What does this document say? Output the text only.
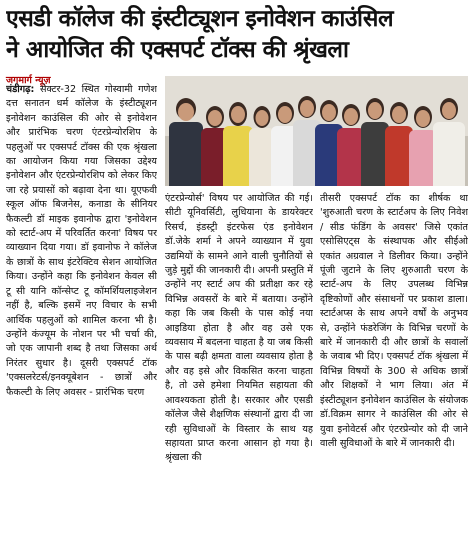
एसडी कॉलेज की इंस्टीट्यूशन इनोवेशन काउंसिल
ने आयोजित की एक्सपर्ट टॉक्स की श्रृंखला
जगमार्ग न्यूज़

चंडीगढ़: सेक्टर-32 स्थित गोस्वामी गणेश दत्त सनातन धर्म कॉलेज के इंस्टीट्यूशन इनोवेशन काउंसिल की ओर से इनोवेशन और प्रारंभिक चरण एंटरप्रेन्योरशिप के पहलुओं पर एक्सपर्ट टॉक्स की एक श्रृंखला का आयोजन किया गया जिसका उद्देश्य इनोवेशन और एंटरप्रेन्योरशिप को लेकर किए जा रहे प्रयासों को बढ़ावा देना था। यूएफवी स्कूल ऑफ बिजनेस, कनाडा के सीनियर फैकल्टी डॉ माइक इवानोफ द्वारा 'इनोवेशन को स्टार्ट-अप में परिवर्तित करना' विषय पर व्याख्यान दिया गया। डॉ इवानोफ ने कॉलेज के छात्रों के साथ इंटरेक्टिव सेशन आयोजित किया। उन्होंने कहा कि इनोवेशन केवल सी टू सी यानि कॉन्सेप्ट टू कॉमर्शियलाइजेशन नहीं है, बल्कि इसमें नए विचार के सभी आर्थिक पहलुओं को शामिल करना भी है। उन्होंने कंज्यूम के नोशन पर भी चर्चा की, जो एक जापानी शब्द है तथा जिसका अर्थ निरंतर सुधार है। दूसरी एक्सपर्ट टॉक 'एक्सलरेटर्स/इनक्यूबेशन - छात्रों और फैकल्टी के लिए अवसर - प्रारंभिक चरण

एंटरप्रेन्योर्स' विषय पर आयोजित की गई। सीटी यूनिवर्सिटी, लुधियाना के डायरेक्टर रिसर्च, इंडस्ट्री इंटरफेस एंड इनोवेशन डॉ.जेके शर्मा ने अपने व्याख्यान में युवा उद्यमियों के सामने आने वाली चुनौतियों से जुड़े मुद्दों की जानकारी दी। अपनी प्रस्तुति में उन्होंने नए स्टार्ट अप की प्रतीक्षा कर रहे विभिन्न अवसरों के बारे में बताया। उन्होंने कहा कि जब किसी के पास कोई नया आइडिया होता है और वह उसे एक व्यवसाय में बदलना चाहता है या जब किसी के पास बढ़ी क्षमता वाला व्यवसाय होता है और वह इसे और विकसित करना चाहता है, तो उसे हमेशा नियमित सहायता की आवश्यकता होती है। सरकार और एसडी कॉलेज जैसे शैक्षणिक संस्थानों द्वारा दी जा रही सुविधाओं के विस्तार के साथ यह सहायता प्राप्त करना आसान हो गया है। श्रृंखला की

तीसरी एक्सपर्ट टॉक का शीर्षक था 'शुरुआती चरण के स्टार्टअप के लिए निवेश / सीड फंडिंग के अवसर' जिसे एकांत एसोसिएट्स के संस्थापक और सीईओ एकांत अग्रवाल ने डिलीवर किया। उन्होंने पूंजी जुटाने के लिए शुरुआती चरण के स्टार्ट-अप के लिए उपलब्ध विभिन्न दृष्टिकोणों और संसाधनों पर प्रकाश डाला। स्टार्टअप्स के साथ अपने वर्षों के अनुभव से, उन्होंने फंडरेजिंग के विभिन्न चरणों के बारे में जानकारी दी और छात्रों के सवालों के जवाब भी दिए। एक्सपर्ट टॉक श्रृंखला में विभिन्न विषयों के 300 से अधिक छात्रों और शिक्षकों ने भाग लिया। अंत में इंस्टीट्यूशन इनोवेशन काउंसिल के संयोजक डॉ.विक्रम सागर ने काउंसिल की ओर से युवा इनोवेटर्स और एंटरप्रेन्योर को दी जाने वाली सुविधाओं के बारे में जानकारी दी।
